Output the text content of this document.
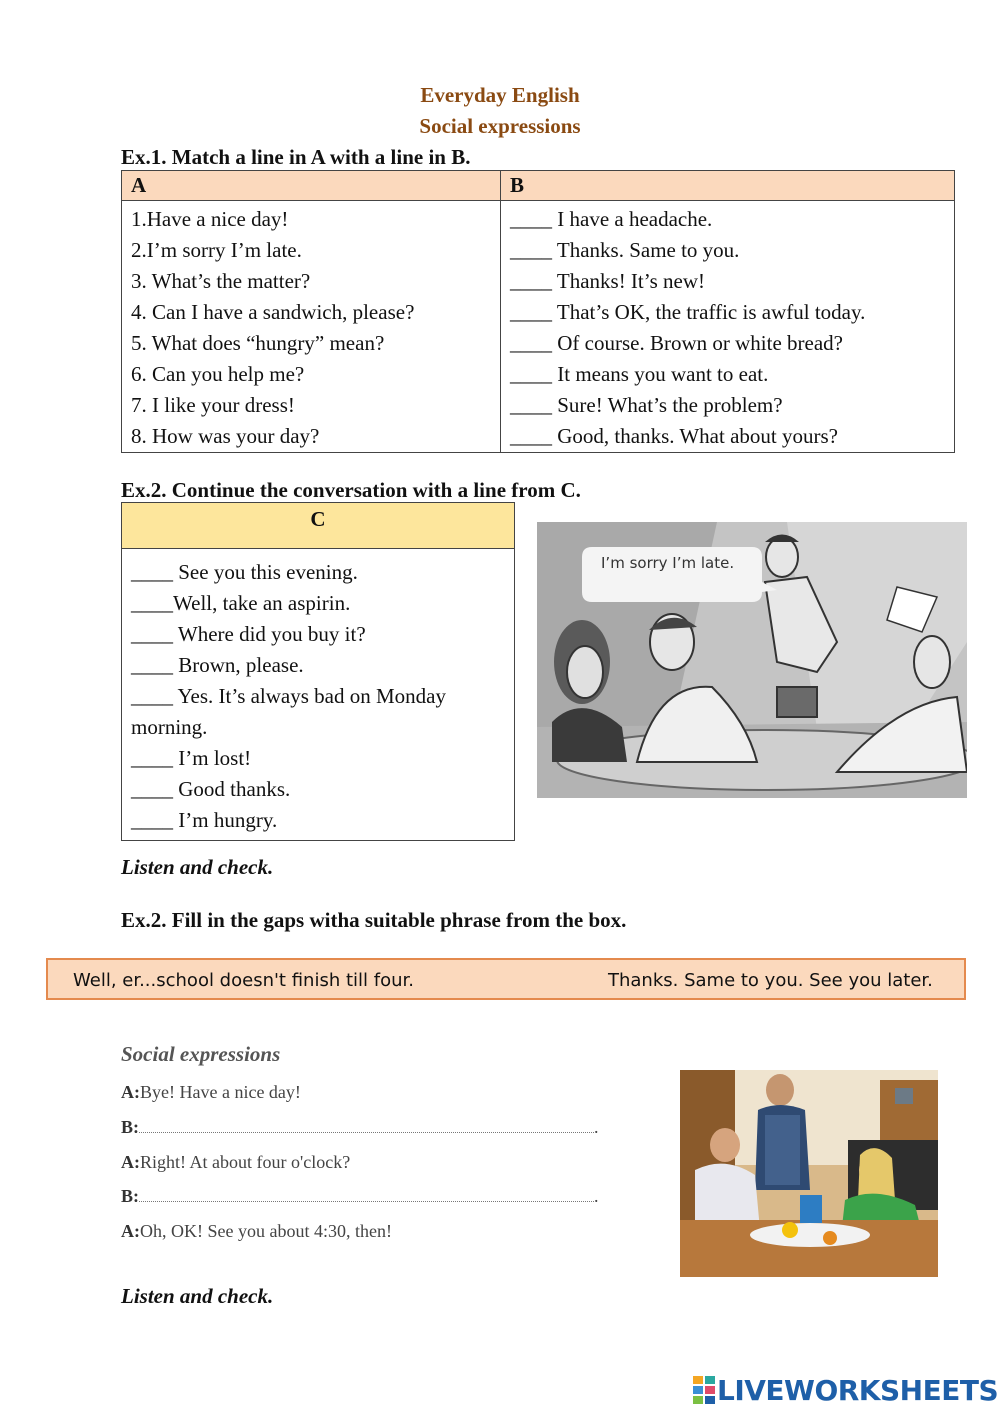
Everyday English
Social expressions
Ex.1. Match a line in A with a line in B.
A	B
1.Have a nice day!	____ I have a headache.
2.I’m sorry I’m late.	____ Thanks. Same to you.
3. What’s the matter?	____ Thanks! It’s new!
4. Can I have a sandwich, please?	____ That’s OK, the traffic is awful today.
5. What does “hungry” mean?	____ Of course. Brown or white bread?
6. Can you help me?	____ It means you want to eat.
7. I like your dress!	____ Sure! What’s the problem?
8. How was your day?	____ Good, thanks. What about yours?
Ex.2. Continue the conversation with a line from C.
C
____ See you this evening.
____Well, take an aspirin.
____ Where did you buy it?
____ Brown, please.
____ Yes. It’s always bad on Monday
morning.
____ I’m lost!
____ Good thanks.
____ I’m hungry.
I’m sorry I’m late.
Listen and check.
Ex.2. Fill in the gaps witha suitable phrase from the box.
Well, er...school doesn't finish till four.	Thanks. Same to you. See you later.
Social expressions
A:Bye! Have a nice day!
B:	.
A:Right! At about four o'clock?
B:	.
A:Oh, OK! See you about 4:30, then!
Listen and check.
LIVEWORKSHEETS
